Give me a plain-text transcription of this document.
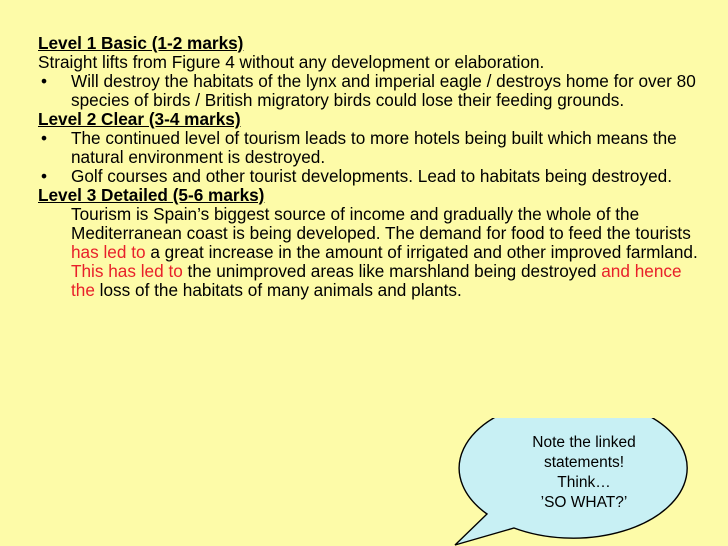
Level 1 Basic (1-2 marks)

Straight lifts from Figure 4 without any development or elaboration.

• Will destroy the habitats of the lynx and imperial eagle / destroys home for over 80 species of birds / British migratory birds could lose their feeding grounds.

Level 2 Clear (3-4 marks)

• The continued level of tourism leads to more hotels being built which means the natural environment is destroyed.

• Golf courses and other tourist developments. Lead to habitats being destroyed.

Level 3 Detailed (5-6 marks)

Tourism is Spain’s biggest source of income and gradually the whole of the Mediterranean coast is being developed. The demand for food to feed the tourists has led to a great increase in the amount of irrigated and other improved farmland. This has led to the unimproved areas like marshland being destroyed and hence the loss of the habitats of many animals and plants.

Note the linked
statements!
Think…
’SO WHAT?’
